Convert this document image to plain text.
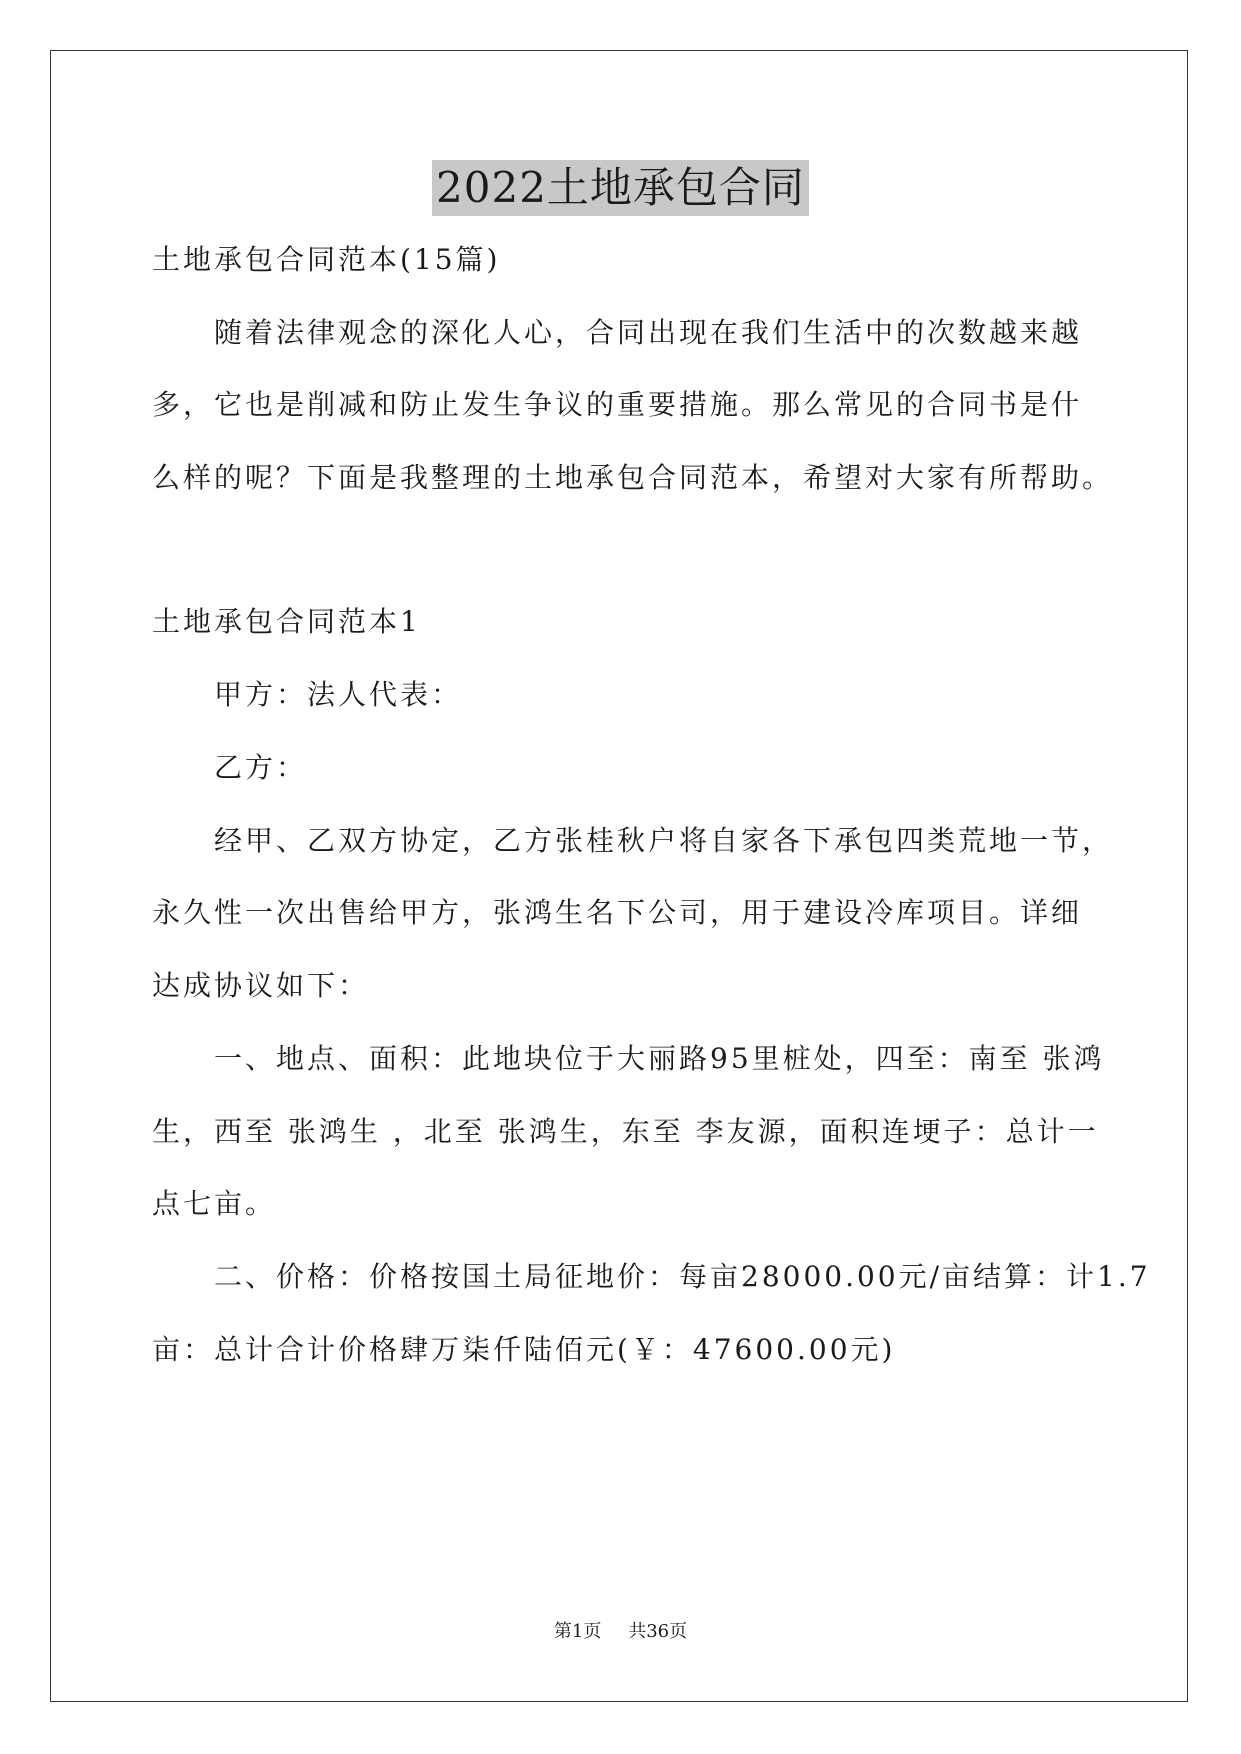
2022土地承包合同
土地承包合同范本(15篇)
随着法律观念的深化人心，合同出现在我们生活中的次数越来越
多，它也是削减和防止发生争议的重要措施。那么常见的合同书是什
么样的呢？下面是我整理的土地承包合同范本，希望对大家有所帮助。
土地承包合同范本1
甲方：法人代表：
乙方：
经甲、乙双方协定，乙方张桂秋户将自家各下承包四类荒地一节，
永久性一次出售给甲方，张鸿生名下公司，用于建设冷库项目。详细
达成协议如下：
一、地点、面积：此地块位于大丽路95里桩处，四至：南至 张鸿
生，西至 张鸿生 ，北至 张鸿生，东至 李友源，面积连埂子：总计一
点七亩。
二、价格：价格按国土局征地价：每亩28000.00元/亩结算：计1.7
亩：总计合计价格肆万柒仟陆佰元(￥：47600.00元)
第1页 共36页
